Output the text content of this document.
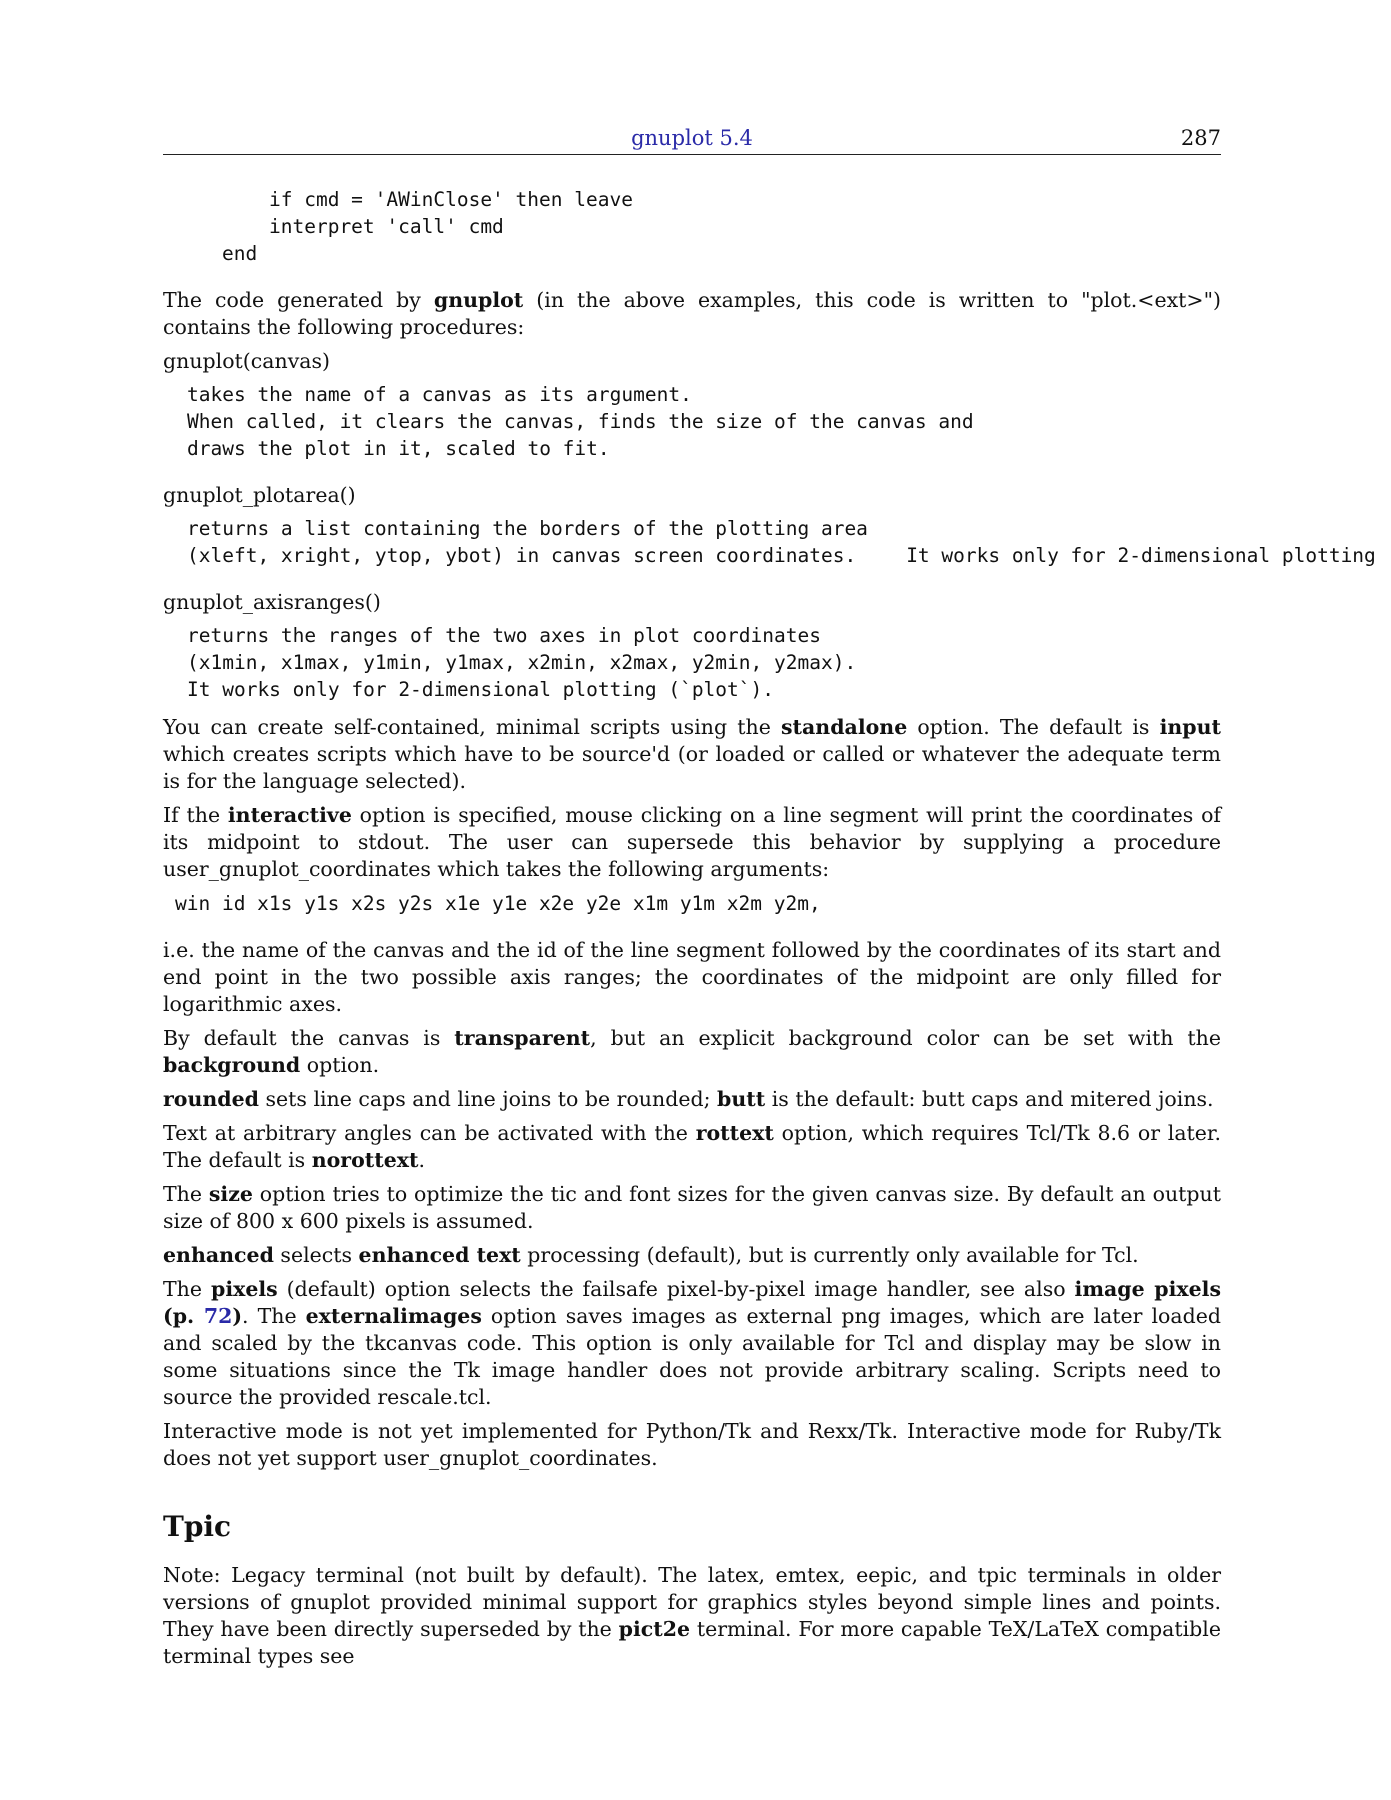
gnuplot 5.4	287
if cmd = 'AWinClose' then leave
interpret 'call' cmd
end

The code generated by gnuplot (in the above examples, this code is written to "plot.<ext>") contains the following procedures:

gnuplot(canvas)

takes the name of a canvas as its argument.
When called, it clears the canvas, finds the size of the canvas and
draws the plot in it, scaled to fit.

gnuplot_plotarea()

returns a list containing the borders of the plotting area
(xleft, xright, ytop, ybot) in canvas screen coordinates.	It works only for 2-dimensional plotting

gnuplot_axisranges()

returns the ranges of the two axes in plot coordinates
(x1min, x1max, y1min, y1max, x2min, x2max, y2min, y2max).
It works only for 2-dimensional plotting (`plot`).

You can create self-contained, minimal scripts using the standalone option. The default is input which creates scripts which have to be source'd (or loaded or called or whatever the adequate term is for the language selected).

If the interactive option is specified, mouse clicking on a line segment will print the coordinates of its midpoint to stdout. The user can supersede this behavior by supplying a procedure user_gnuplot_coordinates which takes the following arguments:

win id x1s y1s x2s y2s x1e y1e x2e y2e x1m y1m x2m y2m,

i.e. the name of the canvas and the id of the line segment followed by the coordinates of its start and end point in the two possible axis ranges; the coordinates of the midpoint are only filled for logarithmic axes.

By default the canvas is transparent, but an explicit background color can be set with the background option.

rounded sets line caps and line joins to be rounded; butt is the default: butt caps and mitered joins.

Text at arbitrary angles can be activated with the rottext option, which requires Tcl/Tk 8.6 or later. The default is norottext.

The size option tries to optimize the tic and font sizes for the given canvas size. By default an output size of 800 x 600 pixels is assumed.

enhanced selects enhanced text processing (default), but is currently only available for Tcl.

The pixels (default) option selects the failsafe pixel-by-pixel image handler, see also image pixels (p. 72). The externalimages option saves images as external png images, which are later loaded and scaled by the tkcanvas code. This option is only available for Tcl and display may be slow in some situations since the Tk image handler does not provide arbitrary scaling. Scripts need to source the provided rescale.tcl.

Interactive mode is not yet implemented for Python/Tk and Rexx/Tk. Interactive mode for Ruby/Tk does not yet support user_gnuplot_coordinates.

Tpic

Note: Legacy terminal (not built by default). The latex, emtex, eepic, and tpic terminals in older versions of gnuplot provided minimal support for graphics styles beyond simple lines and points. They have been directly superseded by the pict2e terminal. For more capable TeX/LaTeX compatible terminal types see
